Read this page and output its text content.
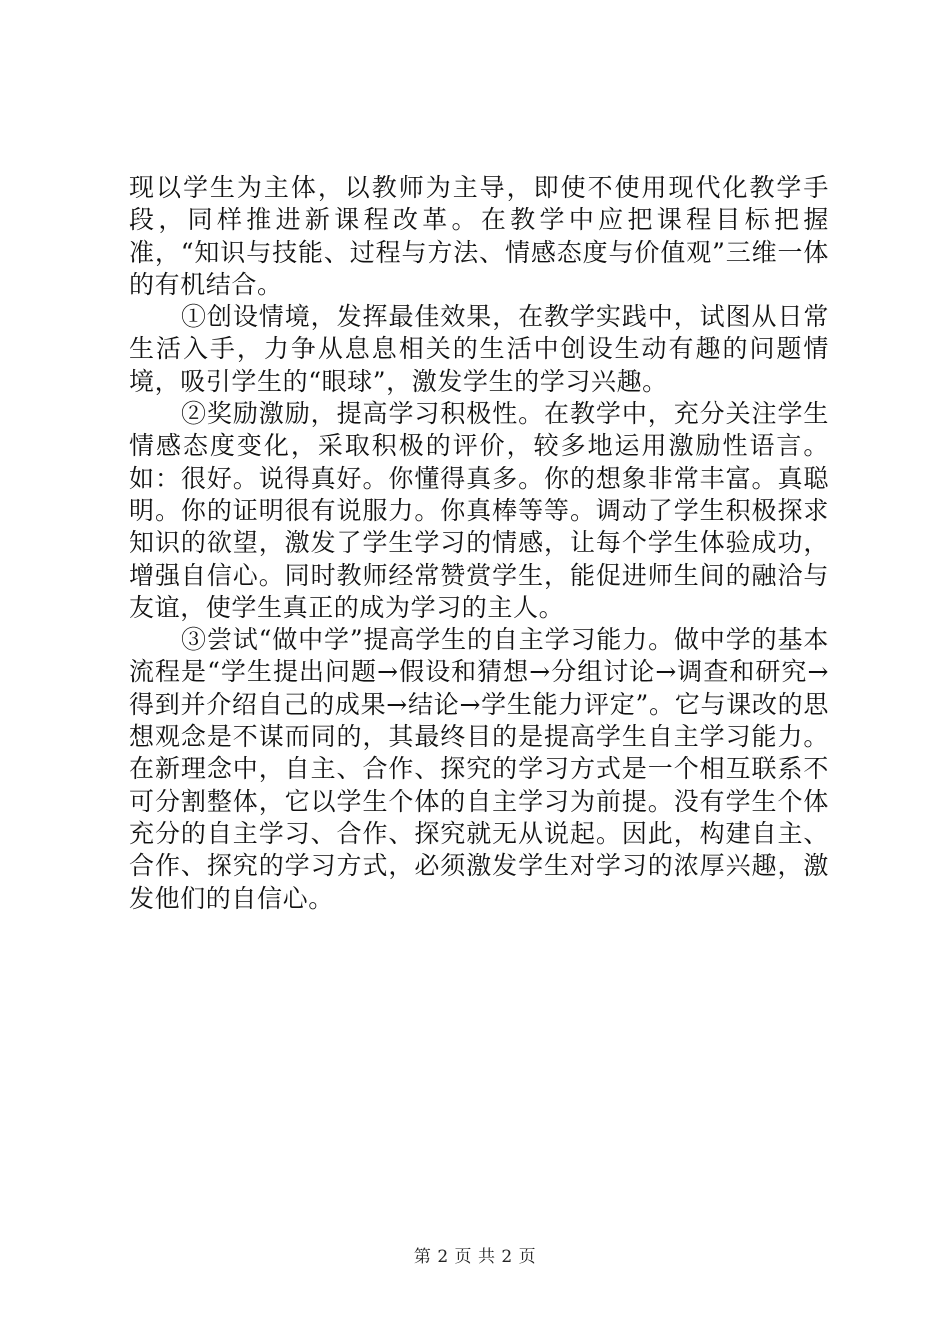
现以学生为主体，以教师为主导，即使不使用现代化教学手段，同样推进新课程改革。在教学中应把课程目标把握准，“知识与技能、过程与方法、情感态度与价值观”三维一体的有机结合。

①创设情境，发挥最佳效果，在教学实践中，试图从日常生活入手，力争从息息相关的生活中创设生动有趣的问题情境，吸引学生的“眼球”，激发学生的学习兴趣。

②奖励激励，提高学习积极性。在教学中，充分关注学生情感态度变化，采取积极的评价，较多地运用激励性语言。如：很好。说得真好。你懂得真多。你的想象非常丰富。真聪明。你的证明很有说服力。你真棒等等。调动了学生积极探求知识的欲望，激发了学生学习的情感，让每个学生体验成功，增强自信心。同时教师经常赞赏学生，能促进师生间的融洽与友谊，使学生真正的成为学习的主人。

③尝试“做中学”提高学生的自主学习能力。做中学的基本流程是“学生提出问题→假设和猜想→分组讨论→调查和研究→得到并介绍自己的成果→结论→学生能力评定”。它与课改的思想观念是不谋而同的，其最终目的是提高学生自主学习能力。在新理念中，自主、合作、探究的学习方式是一个相互联系不可分割整体，它以学生个体的自主学习为前提。没有学生个体充分的自主学习、合作、探究就无从说起。因此，构建自主、合作、探究的学习方式，必须激发学生对学习的浓厚兴趣，激发他们的自信心。

第 2 页 共 2 页
